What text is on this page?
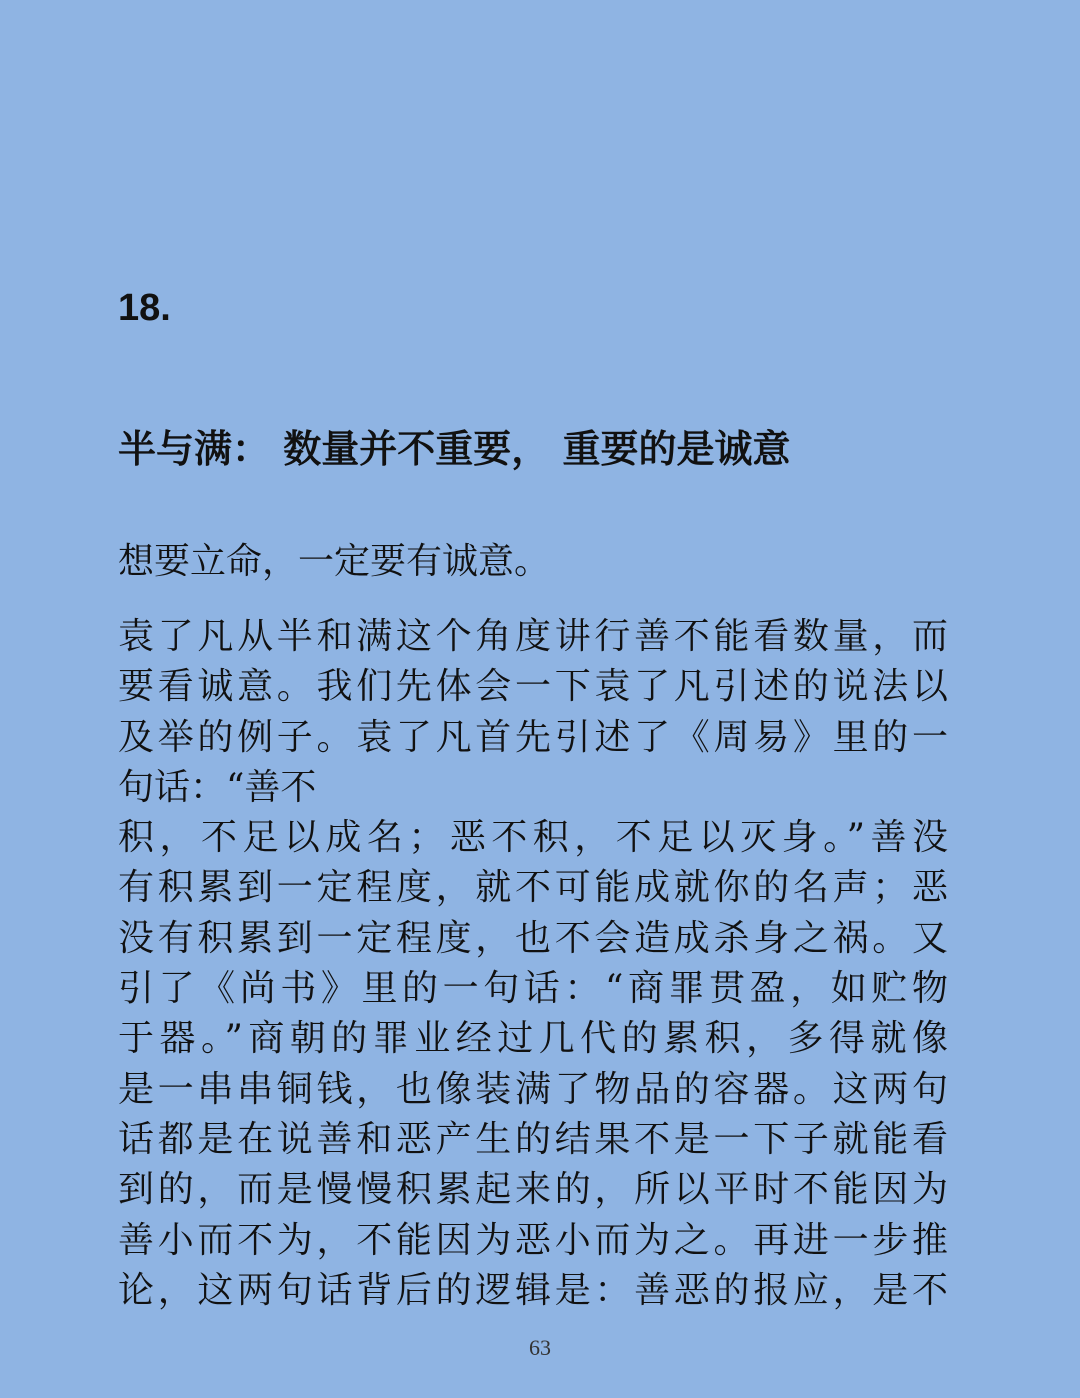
18.

半与满： 数量并不重要， 重要的是诚意

想要立命，一定要有诚意。

袁了凡从半和满这个角度讲行善不能看数量，而
要看诚意。我们先体会一下袁了凡引述的说法以
及举的例子。袁了凡首先引述了《周易》里的一
句话：“善不
积，不足以成名；恶不积，不足以灭身。”善没
有积累到一定程度，就不可能成就你的名声；恶
没有积累到一定程度，也不会造成杀身之祸。又
引了《尚书》里的一句话：“商罪贯盈，如贮物
于器。”商朝的罪业经过几代的累积，多得就像
是一串串铜钱，也像装满了物品的容器。这两句
话都是在说善和恶产生的结果不是一下子就能看
到的，而是慢慢积累起来的，所以平时不能因为
善小而不为，不能因为恶小而为之。再进一步推
论，这两句话背后的逻辑是：善恶的报应，是不

63
